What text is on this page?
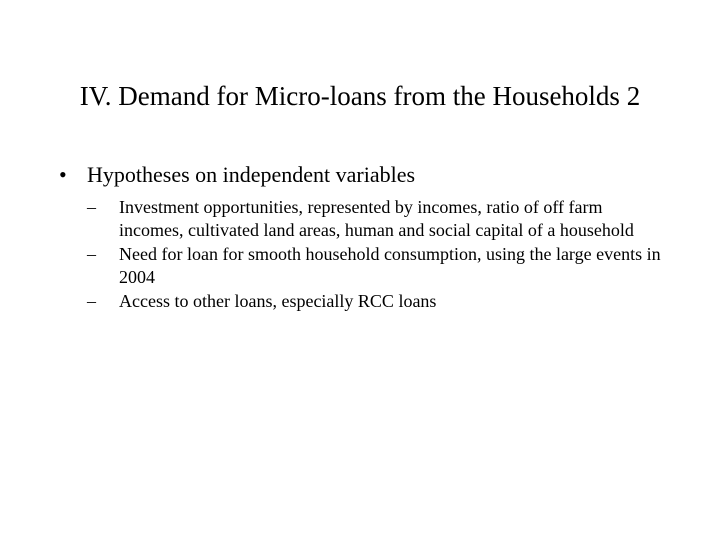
IV. Demand for Micro-loans from the Households 2
• Hypotheses on independent variables
– Investment opportunities, represented by incomes, ratio of off farm incomes, cultivated land areas, human and social capital of a household
– Need for loan for smooth household consumption, using the large events in 2004
– Access to other loans, especially RCC loans
